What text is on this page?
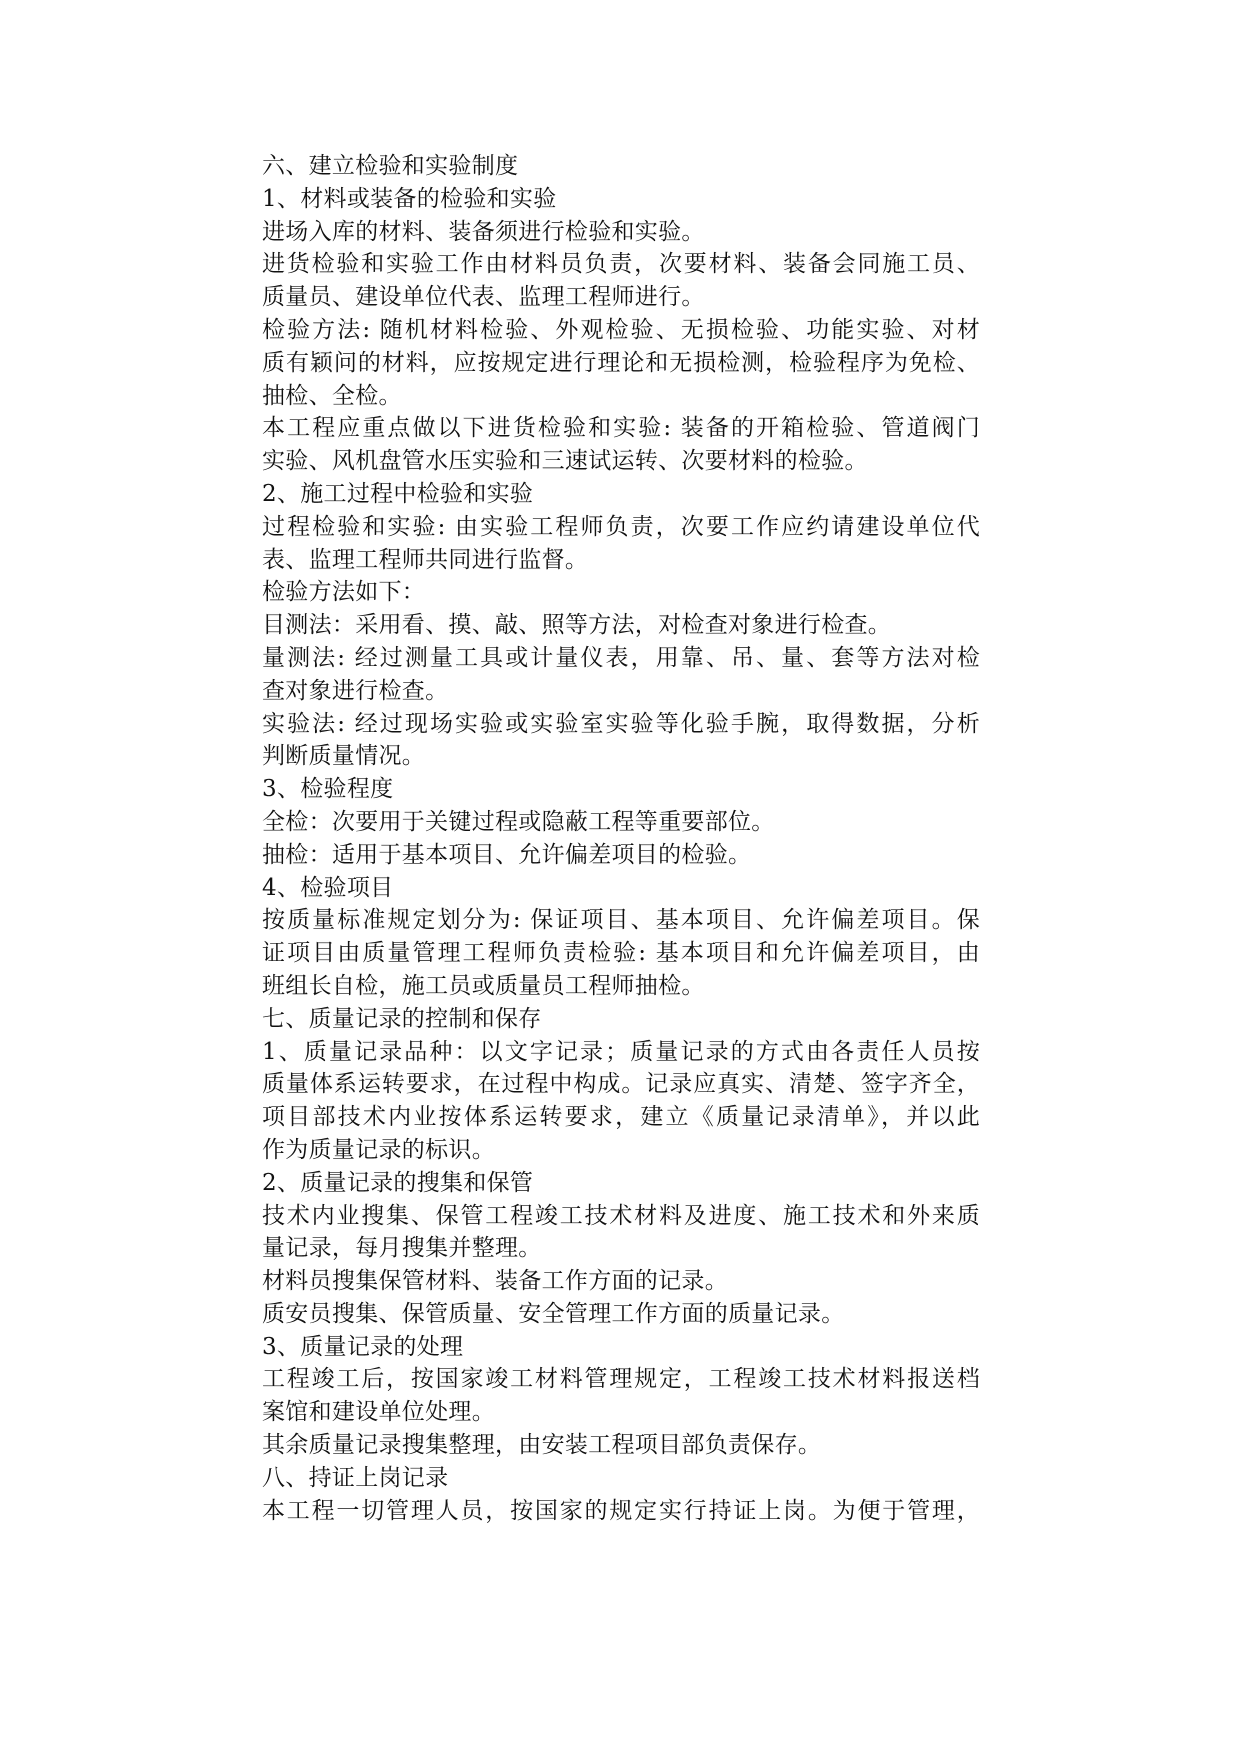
六、建立检验和实验制度

1、材料或装备的检验和实验

进场入库的材料、装备须进行检验和实验。

进货检验和实验工作由材料员负责，次要材料、装备会同施工员、

质量员、建设单位代表、监理工程师进行。

检验方法: 随机材料检验、外观检验、无损检验、功能实验、对材

质有颖问的材料，应按规定进行理论和无损检测，检验程序为免检、

抽检、全检。

本工程应重点做以下进货检验和实验: 装备的开箱检验、管道阀门

实验、风机盘管水压实验和三速试运转、次要材料的检验。

2、施工过程中检验和实验

过程检验和实验: 由实验工程师负责，次要工作应约请建设单位代

表、监理工程师共同进行监督。

检验方法如下：

目测法：采用看、摸、敲、照等方法，对检查对象进行检查。

量测法: 经过测量工具或计量仪表，用靠、吊、量、套等方法对检

查对象进行检查。

实验法: 经过现场实验或实验室实验等化验手腕，取得数据，分析

判断质量情况。

3、检验程度

全检：次要用于关键过程或隐蔽工程等重要部位。

抽检：适用于基本项目、允许偏差项目的检验。

4、检验项目

按质量标准规定划分为: 保证项目、基本项目、允许偏差项目。保

证项目由质量管理工程师负责检验: 基本项目和允许偏差项目，由

班组长自检，施工员或质量员工程师抽检。

七、质量记录的控制和保存

1、质量记录品种：以文字记录；质量记录的方式由各责任人员按

质量体系运转要求，在过程中构成。记录应真实、清楚、签字齐全，

项目部技术内业按体系运转要求，建立《质量记录清单》，并以此

作为质量记录的标识。

2、质量记录的搜集和保管

技术内业搜集、保管工程竣工技术材料及进度、施工技术和外来质

量记录，每月搜集并整理。

材料员搜集保管材料、装备工作方面的记录。

质安员搜集、保管质量、安全管理工作方面的质量记录。

3、质量记录的处理

工程竣工后，按国家竣工材料管理规定，工程竣工技术材料报送档

案馆和建设单位处理。

其余质量记录搜集整理，由安装工程项目部负责保存。

八、持证上岗记录

本工程一切管理人员，按国家的规定实行持证上岗。为便于管理，
